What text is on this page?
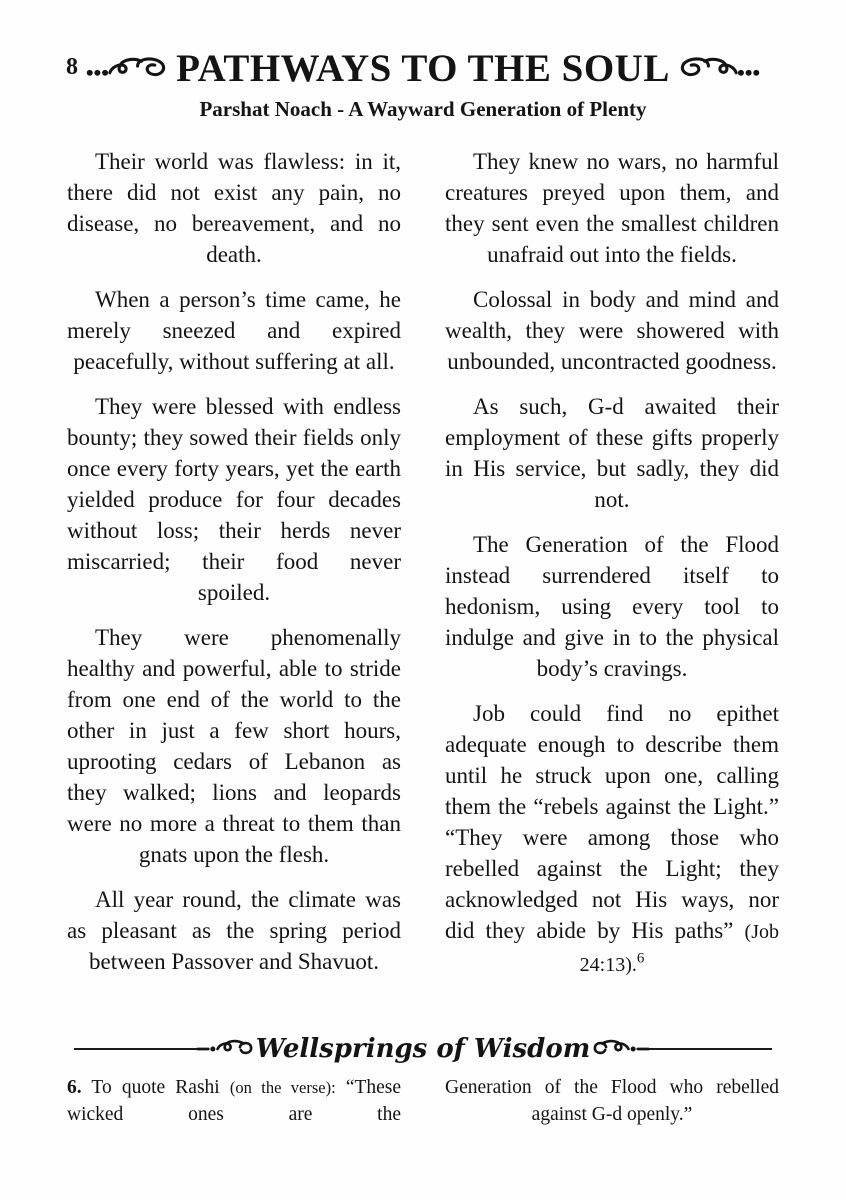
8	PATHWAYS TO THE SOUL
Parshat Noach - A Wayward Generation of Plenty

Their world was flawless: in it, there did not exist any pain, no disease, no bereavement, and no death.

When a person’s time came, he merely sneezed and expired peacefully, without suffering at all.

They were blessed with endless bounty; they sowed their fields only once every forty years, yet the earth yielded produce for four decades without loss; their herds never miscarried; their food never spoiled.

They were phenomenally healthy and powerful, able to stride from one end of the world to the other in just a few short hours, uprooting cedars of Lebanon as they walked; lions and leopards were no more a threat to them than gnats upon the flesh.

All year round, the climate was as pleasant as the spring period between Passover and Shavuot.

They knew no wars, no harmful creatures preyed upon them, and they sent even the smallest children unafraid out into the fields.

Colossal in body and mind and wealth, they were showered with unbounded, uncontracted goodness.

As such, G-d awaited their employment of these gifts properly in His service, but sadly, they did not.

The Generation of the Flood instead surrendered itself to hedonism, using every tool to indulge and give in to the physical body’s cravings.

Job could find no epithet adequate enough to describe them until he struck upon one, calling them the “rebels against the Light.” “They were among those who rebelled against the Light; they acknowledged not His ways, nor did they abide by His paths” (Job 24:13).$^6$

Wellsprings of Wisdom

6. To quote Rashi (on the verse): “These wicked ones are the

Generation of the Flood who rebelled against G-d openly.”
